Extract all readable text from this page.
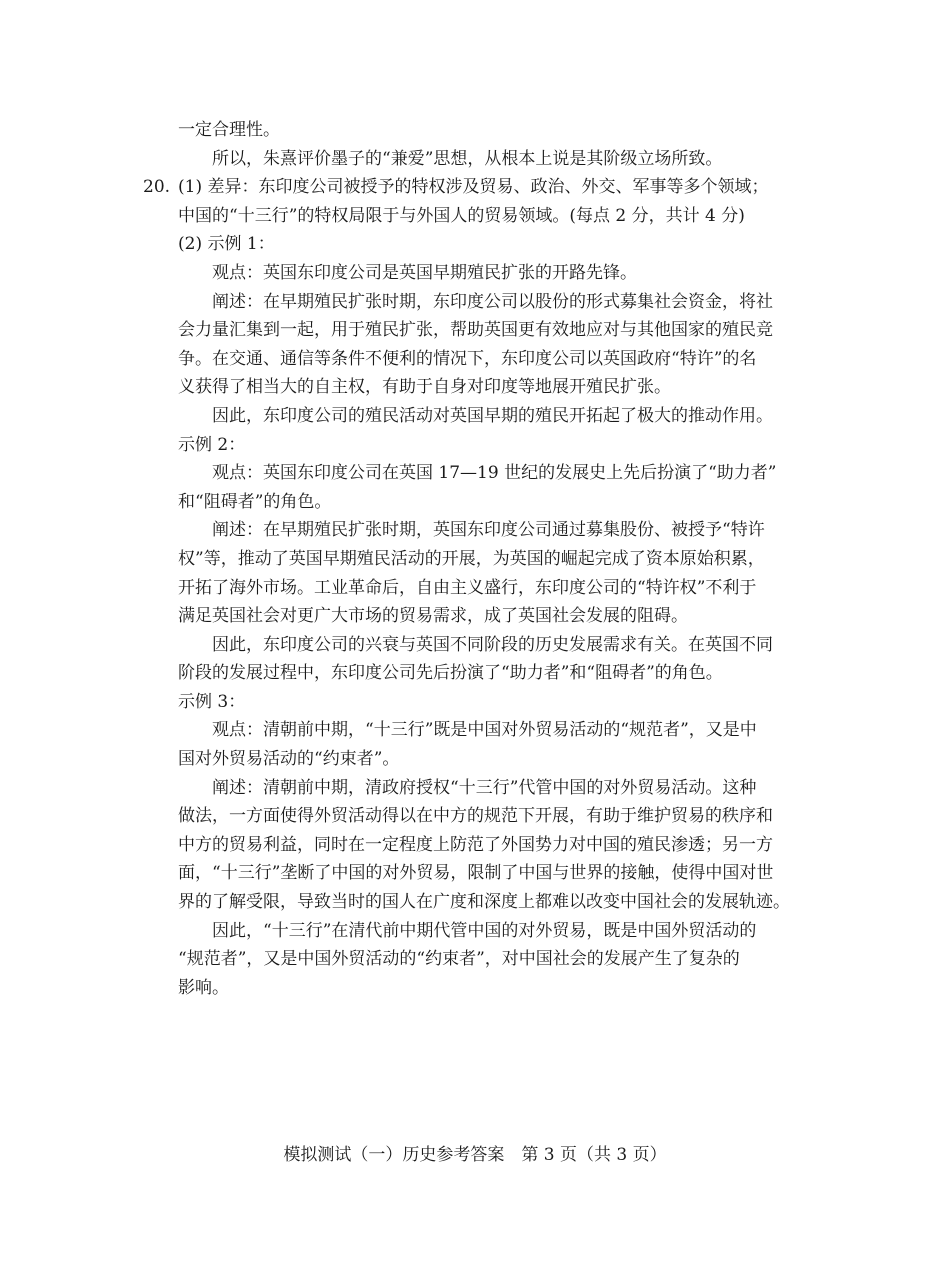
20.
一定合理性。
所以，朱熹评价墨子的“兼爱”思想，从根本上说是其阶级立场所致。
(1) 差异：东印度公司被授予的特权涉及贸易、政治、外交、军事等多个领域；
中国的“十三行”的特权局限于与外国人的贸易领域。(每点 2 分，共计 4 分)
(2) 示例 1：
观点：英国东印度公司是英国早期殖民扩张的开路先锋。
阐述：在早期殖民扩张时期，东印度公司以股份的形式募集社会资金，将社
会力量汇集到一起，用于殖民扩张，帮助英国更有效地应对与其他国家的殖民竞
争。在交通、通信等条件不便利的情况下，东印度公司以英国政府“特许”的名
义获得了相当大的自主权，有助于自身对印度等地展开殖民扩张。
因此，东印度公司的殖民活动对英国早期的殖民开拓起了极大的推动作用。
示例 2：
观点：英国东印度公司在英国 17—19 世纪的发展史上先后扮演了“助力者”
和“阻碍者”的角色。
阐述：在早期殖民扩张时期，英国东印度公司通过募集股份、被授予“特许
权”等，推动了英国早期殖民活动的开展，为英国的崛起完成了资本原始积累，
开拓了海外市场。工业革命后，自由主义盛行，东印度公司的“特许权”不利于
满足英国社会对更广大市场的贸易需求，成了英国社会发展的阻碍。
因此，东印度公司的兴衰与英国不同阶段的历史发展需求有关。在英国不同
阶段的发展过程中，东印度公司先后扮演了“助力者”和“阻碍者”的角色。
示例 3：
观点：清朝前中期，“十三行”既是中国对外贸易活动的“规范者”，又是中
国对外贸易活动的“约束者”。
阐述：清朝前中期，清政府授权“十三行”代管中国的对外贸易活动。这种
做法，一方面使得外贸活动得以在中方的规范下开展，有助于维护贸易的秩序和
中方的贸易利益，同时在一定程度上防范了外国势力对中国的殖民渗透；另一方
面，“十三行”垄断了中国的对外贸易，限制了中国与世界的接触，使得中国对世
界的了解受限，导致当时的国人在广度和深度上都难以改变中国社会的发展轨迹。
因此，“十三行”在清代前中期代管中国的对外贸易，既是中国外贸活动的
“规范者”，又是中国外贸活动的“约束者”，对中国社会的发展产生了复杂的
影响。
模拟测试（一）历史参考答案　第 3 页（共 3 页）
